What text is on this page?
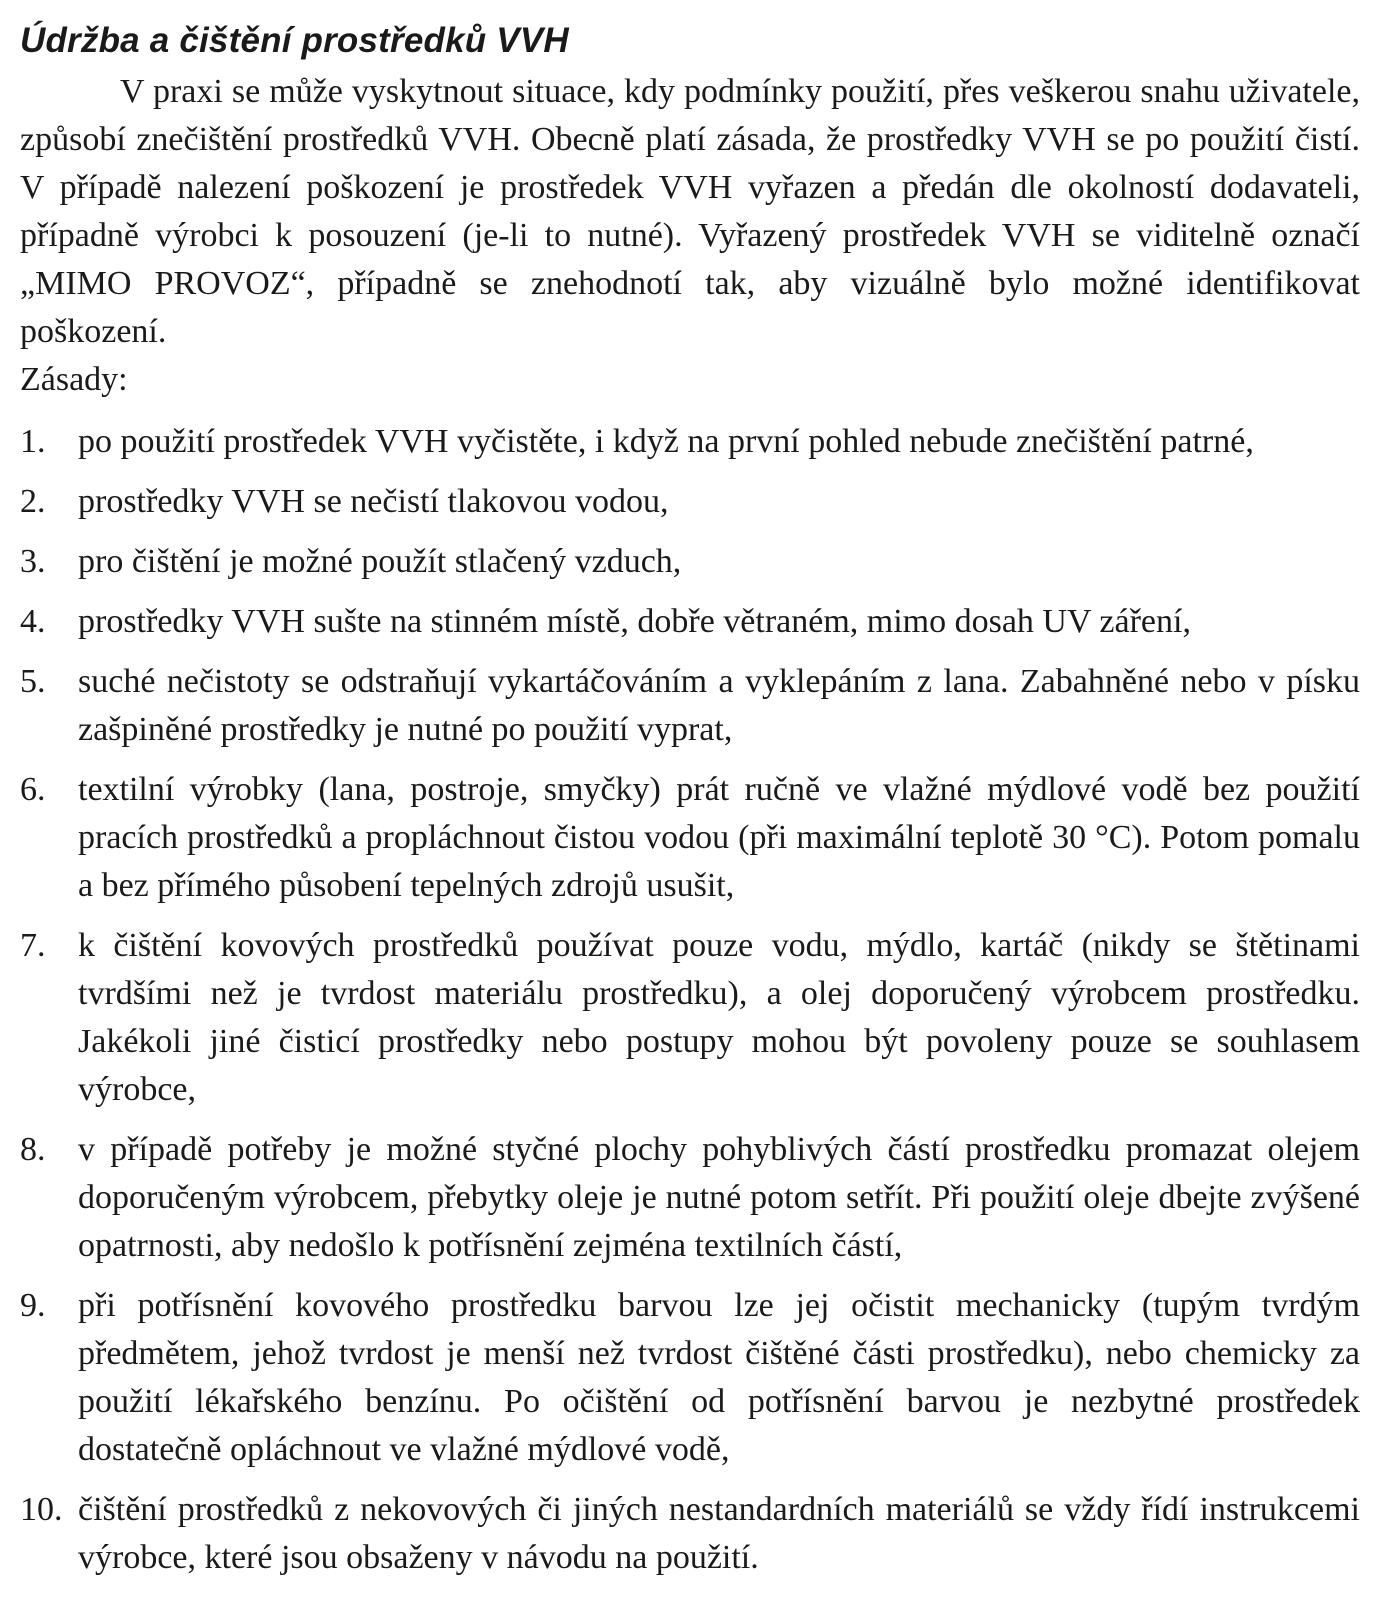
Údržba a čištění prostředků VVH

V praxi se může vyskytnout situace, kdy podmínky použití, přes veškerou snahu uživatele, způsobí znečištění prostředků VVH. Obecně platí zásada, že prostředky VVH se po použití čistí. V případě nalezení poškození je prostředek VVH vyřazen a předán dle okolností dodavateli, případně výrobci k posouzení (je-li to nutné). Vyřazený prostředek VVH se viditelně označí „MIMO PROVOZ“, případně se znehodnotí tak, aby vizuálně bylo možné identifikovat poškození.

Zásady:

1. po použití prostředek VVH vyčistěte, i když na první pohled nebude znečištění patrné,
2. prostředky VVH se nečistí tlakovou vodou,
3. pro čištění je možné použít stlačený vzduch,
4. prostředky VVH sušte na stinném místě, dobře větraném, mimo dosah UV záření,
5. suché nečistoty se odstraňují vykartáčováním a vyklepáním z lana. Zabahněné nebo v písku zašpiněné prostředky je nutné po použití vyprat,
6. textilní výrobky (lana, postroje, smyčky) prát ručně ve vlažné mýdlové vodě bez použití pracích prostředků a propláchnout čistou vodou (při maximální teplotě 30 °C). Potom pomalu a bez přímého působení tepelných zdrojů usušit,
7. k čištění kovových prostředků používat pouze vodu, mýdlo, kartáč (nikdy se štětinami tvrdšími než je tvrdost materiálu prostředku), a olej doporučený výrobcem prostředku. Jakékoli jiné čisticí prostředky nebo postupy mohou být povoleny pouze se souhlasem výrobce,
8. v případě potřeby je možné styčné plochy pohyblivých částí prostředku promazat olejem doporučeným výrobcem, přebytky oleje je nutné potom setřít. Při použití oleje dbejte zvýšené opatrnosti, aby nedošlo k potřísnění zejména textilních částí,
9. při potřísnění kovového prostředku barvou lze jej očistit mechanicky (tupým tvrdým předmětem, jehož tvrdost je menší než tvrdost čištěné části prostředku), nebo chemicky za použití lékařského benzínu. Po očištění od potřísnění barvou je nezbytné prostředek dostatečně opláchnout ve vlažné mýdlové vodě,
10. čištění prostředků z nekovových či jiných nestandardních materiálů se vždy řídí instrukcemi výrobce, které jsou obsaženy v návodu na použití.
